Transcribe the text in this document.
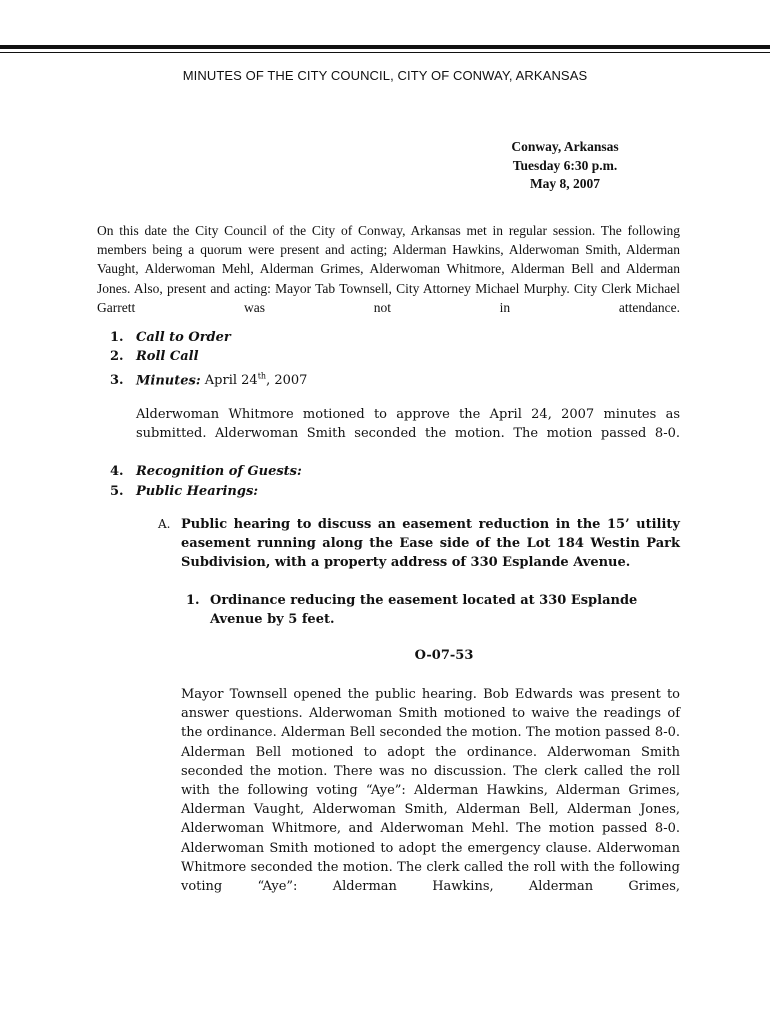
MINUTES OF THE CITY COUNCIL, CITY OF CONWAY, ARKANSAS
Conway, Arkansas
Tuesday 6:30 p.m.
May 8, 2007
On this date the City Council of the City of Conway, Arkansas met in regular session. The following members being a quorum were present and acting; Alderman Hawkins, Alderwoman Smith, Alderman Vaught, Alderwoman Mehl, Alderman Grimes, Alderwoman Whitmore, Alderman Bell and Alderman Jones. Also, present and acting: Mayor Tab Townsell, City Attorney Michael Murphy. City Clerk Michael Garrett was not in attendance.
1. Call to Order
2. Roll Call
3. Minutes: April 24th, 2007
Alderwoman Whitmore motioned to approve the April 24, 2007 minutes as submitted. Alderwoman Smith seconded the motion. The motion passed 8-0.
4. Recognition of Guests:
5. Public Hearings:
A. Public hearing to discuss an easement reduction in the 15’ utility easement running along the Ease side of the Lot 184 Westin Park Subdivision, with a property address of 330 Esplande Avenue.
1. Ordinance reducing the easement located at 330 Esplande Avenue by 5 feet.
O-07-53
Mayor Townsell opened the public hearing. Bob Edwards was present to answer questions. Alderwoman Smith motioned to waive the readings of the ordinance. Alderman Bell seconded the motion. The motion passed 8-0. Alderman Bell motioned to adopt the ordinance. Alderwoman Smith seconded the motion. There was no discussion. The clerk called the roll with the following voting “Aye”: Alderman Hawkins, Alderman Grimes, Alderman Vaught, Alderwoman Smith, Alderman Bell, Alderman Jones, Alderwoman Whitmore, and Alderwoman Mehl. The motion passed 8-0. Alderwoman Smith motioned to adopt the emergency clause. Alderwoman Whitmore seconded the motion. The clerk called the roll with the following voting “Aye”: Alderman Hawkins, Alderman Grimes,
